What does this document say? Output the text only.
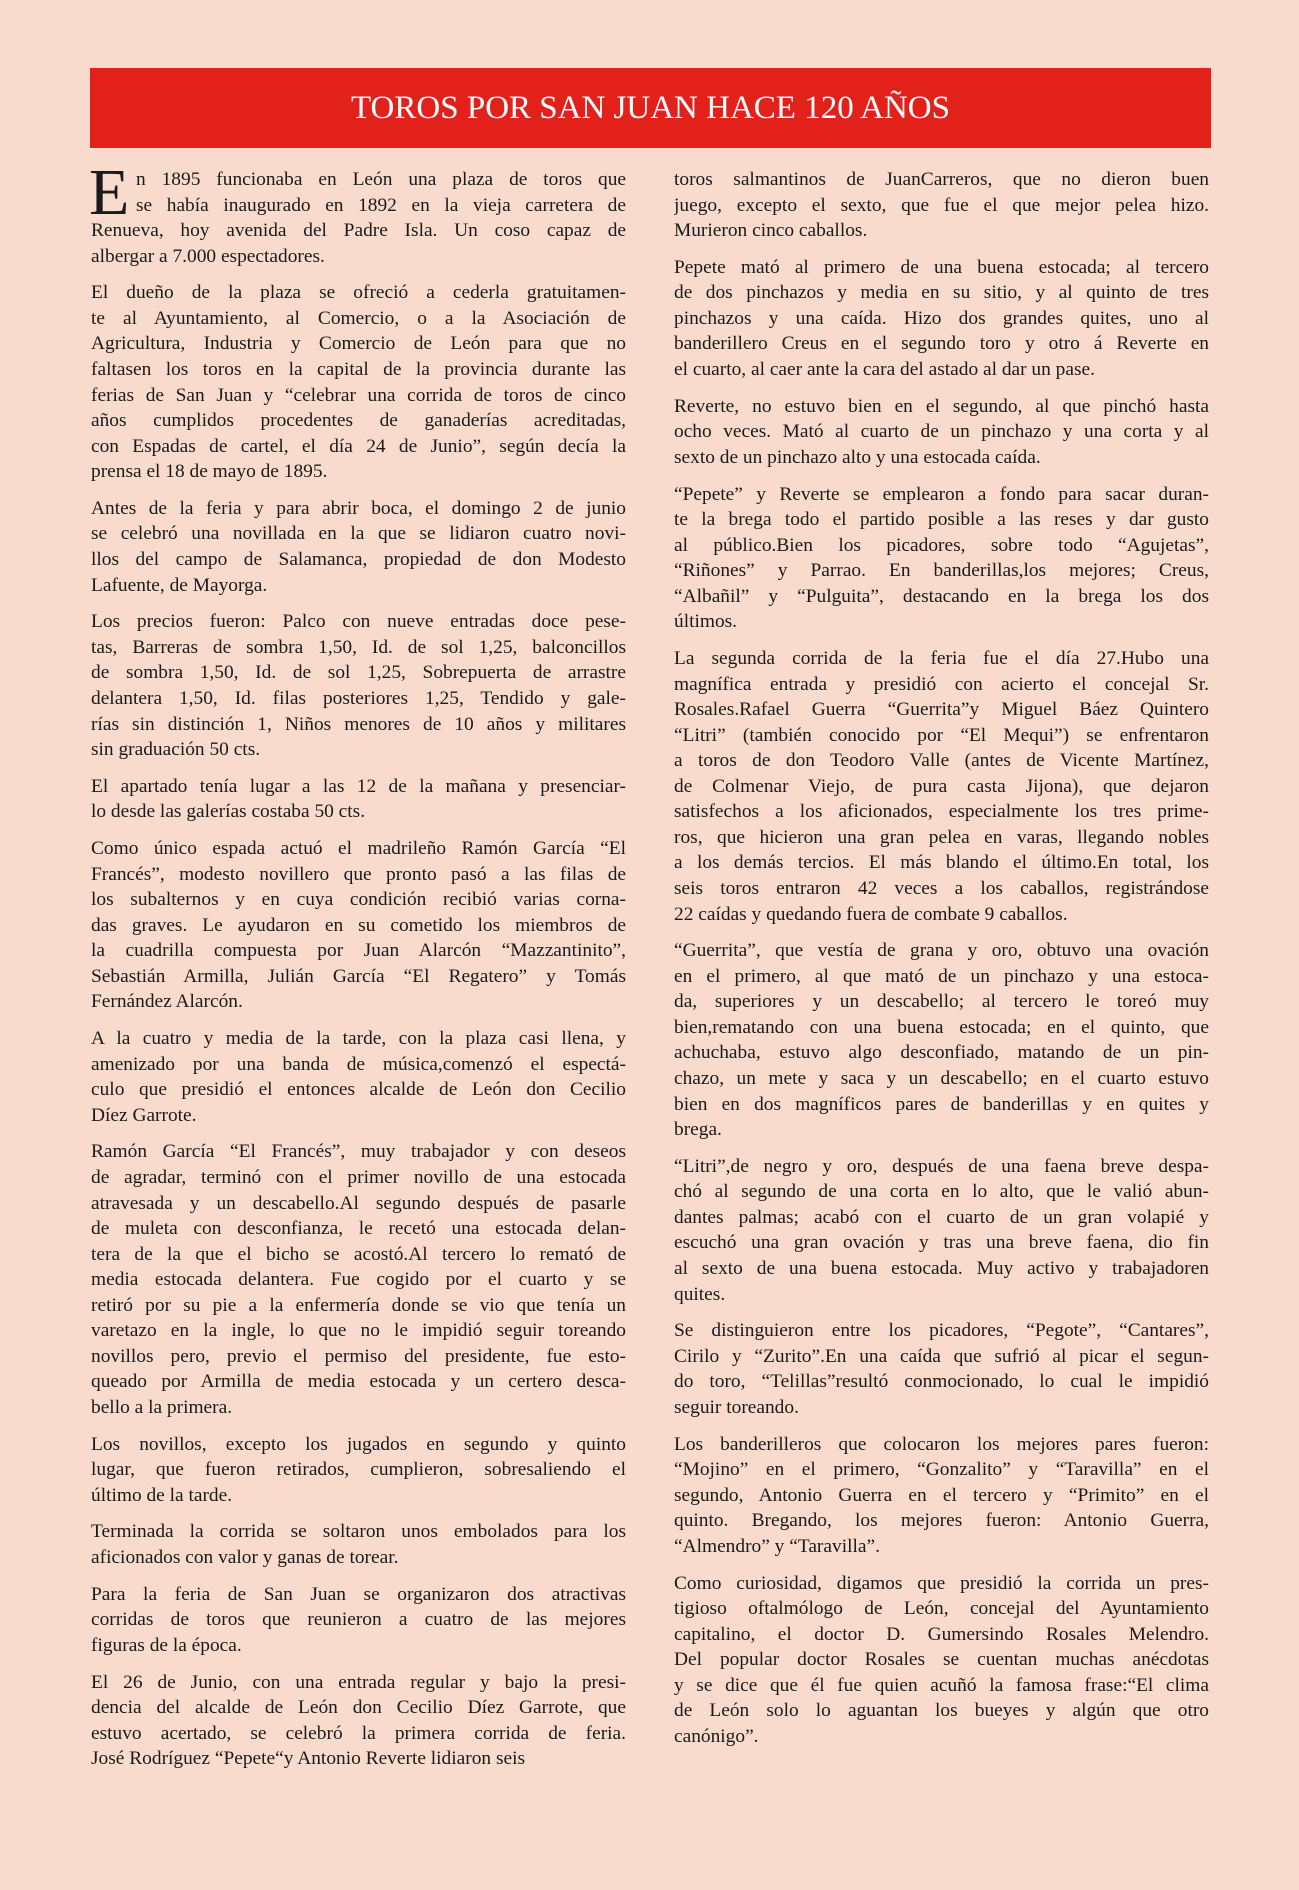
TOROS POR SAN JUAN HACE 120 AÑOS
n 1895 funcionaba en León una plaza de toros que
se había inaugurado en 1892 en la vieja carretera de
Renueva, hoy avenida del Padre Isla. Un coso capaz de
albergar a 7.000 espectadores.
E
El dueño de la plaza se ofreció a cederla gratuitamen-
te al Ayuntamiento, al Comercio, o a la Asociación de
Agricultura, Industria y Comercio de León para que no
faltasen los toros en la capital de la provincia durante las
ferias de San Juan y “celebrar una corrida de toros de cinco
años cumplidos procedentes de ganaderías acreditadas,
con Espadas de cartel, el día 24 de Junio”, según decía la
prensa el 18 de mayo de 1895.
Antes de la feria y para abrir boca, el domingo 2 de junio
se celebró una novillada en la que se lidiaron cuatro novi-
llos del campo de Salamanca, propiedad de don Modesto
Lafuente, de Mayorga.
Los precios fueron: Palco con nueve entradas doce pese-
tas, Barreras de sombra 1,50, Id. de sol 1,25, balconcillos
de sombra 1,50, Id. de sol 1,25, Sobrepuerta de arrastre
delantera 1,50, Id. filas posteriores 1,25, Tendido y gale-
rías sin distinción 1, Niños menores de 10 años y militares
sin graduación 50 cts.
El apartado tenía lugar a las 12 de la mañana y presenciar-
lo desde las galerías costaba 50 cts.
Como único espada actuó el madrileño Ramón García “El
Francés”, modesto novillero que pronto pasó a las filas de
los subalternos y en cuya condición recibió varias corna-
das graves. Le ayudaron en su cometido los miembros de
la cuadrilla compuesta por Juan Alarcón “Mazzantinito”,
Sebastián Armilla, Julián García “El Regatero” y Tomás
Fernández Alarcón.
A la cuatro y media de la tarde, con la plaza casi llena, y
amenizado por una banda de música,comenzó el espectá-
culo que presidió el entonces alcalde de León don Cecilio
Díez Garrote.
Ramón García “El Francés”, muy trabajador y con deseos
de agradar, terminó con el primer novillo de una estocada
atravesada y un descabello.Al segundo después de pasarle
de muleta con desconfianza, le recetó una estocada delan-
tera de la que el bicho se acostó.Al tercero lo remató de
media estocada delantera. Fue cogido por el cuarto y se
retiró por su pie a la enfermería donde se vio que tenía un
varetazo en la ingle, lo que no le impidió seguir toreando
novillos pero, previo el permiso del presidente, fue esto-
queado por Armilla de media estocada y un certero desca-
bello a la primera.
Los novillos, excepto los jugados en segundo y quinto
lugar, que fueron retirados, cumplieron, sobresaliendo el
último de la tarde.
Terminada la corrida se soltaron unos embolados para los
aficionados con valor y ganas de torear.
Para la feria de San Juan se organizaron dos atractivas
corridas de toros que reunieron a cuatro de las mejores
figuras de la época.
El 26 de Junio, con una entrada regular y bajo la presi-
dencia del alcalde de León don Cecilio Díez Garrote, que
estuvo acertado, se celebró la primera corrida de feria.
José Rodríguez “Pepete“y Antonio Reverte lidiaron seis
toros salmantinos de JuanCarreros, que no dieron buen
juego, excepto el sexto, que fue el que mejor pelea hizo.
Murieron cinco caballos.
Pepete mató al primero de una buena estocada; al tercero
de dos pinchazos y media en su sitio, y al quinto de tres
pinchazos y una caída. Hizo dos grandes quites, uno al
banderillero Creus en el segundo toro y otro á Reverte en
el cuarto, al caer ante la cara del astado al dar un pase.
Reverte, no estuvo bien en el segundo, al que pinchó hasta
ocho veces. Mató al cuarto de un pinchazo y una corta y al
sexto de un pinchazo alto y una estocada caída.
“Pepete” y Reverte se emplearon a fondo para sacar duran-
te la brega todo el partido posible a las reses y dar gusto
al público.Bien los picadores, sobre todo “Agujetas”,
“Riñones” y Parrao. En banderillas,los mejores; Creus,
“Albañil” y “Pulguita”, destacando en la brega los dos
últimos.
La segunda corrida de la feria fue el día 27.Hubo una
magnífica entrada y presidió con acierto el concejal Sr.
Rosales.Rafael Guerra “Guerrita”y Miguel Báez Quintero
“Litri” (también conocido por “El Mequi”) se enfrentaron
a toros de don Teodoro Valle (antes de Vicente Martínez,
de Colmenar Viejo, de pura casta Jijona), que dejaron
satisfechos a los aficionados, especialmente los tres prime-
ros, que hicieron una gran pelea en varas, llegando nobles
a los demás tercios. El más blando el último.En total, los
seis toros entraron 42 veces a los caballos, registrándose
22 caídas y quedando fuera de combate 9 caballos.
“Guerrita”, que vestía de grana y oro, obtuvo una ovación
en el primero, al que mató de un pinchazo y una estoca-
da, superiores y un descabello; al tercero le toreó muy
bien,rematando con una buena estocada; en el quinto, que
achuchaba, estuvo algo desconfiado, matando de un pin-
chazo, un mete y saca y un descabello; en el cuarto estuvo
bien en dos magníficos pares de banderillas y en quites y
brega.
“Litri”,de negro y oro, después de una faena breve despa-
chó al segundo de una corta en lo alto, que le valió abun-
dantes palmas; acabó con el cuarto de un gran volapié y
escuchó una gran ovación y tras una breve faena, dio fin
al sexto de una buena estocada. Muy activo y trabajadoren
quites.
Se distinguieron entre los picadores, “Pegote”, “Cantares”,
Cirilo y “Zurito”.En una caída que sufrió al picar el segun-
do toro, “Telillas”resultó conmocionado, lo cual le impidió
seguir toreando.
Los banderilleros que colocaron los mejores pares fueron:
“Mojino” en el primero, “Gonzalito” y “Taravilla” en el
segundo, Antonio Guerra en el tercero y “Primito” en el
quinto. Bregando, los mejores fueron: Antonio Guerra,
“Almendro” y “Taravilla”.
Como curiosidad, digamos que presidió la corrida un pres-
tigioso oftalmólogo de León, concejal del Ayuntamiento
capitalino, el doctor D. Gumersindo Rosales Melendro.
Del popular doctor Rosales se cuentan muchas anécdotas
y se dice que él fue quien acuñó la famosa frase:“El clima
de León solo lo aguantan los bueyes y algún que otro
canónigo”.
